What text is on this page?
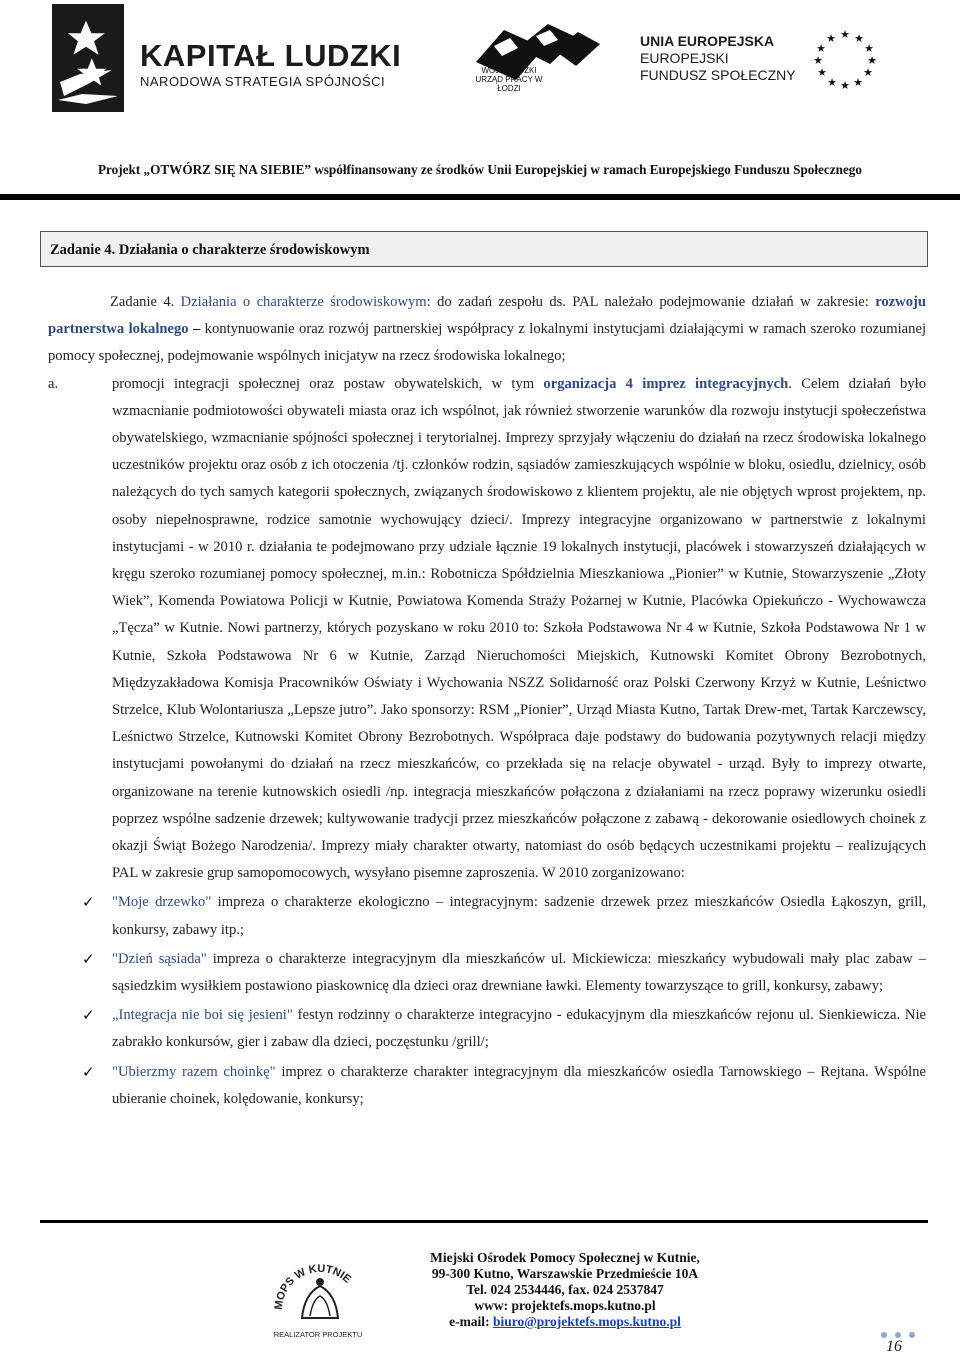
KAPITAŁ LUDZKI
NARODOWA STRATEGIA SPÓJNOŚCI
WOJEWÓDZKI URZĄD PRACY W ŁODZI
UNIA EUROPEJSKA
EUROPEJSKI
FUNDUSZ SPOŁECZNY
★ ★
★
★
★
★
★
★
★
★
★
★
Projekt „OTWÓRZ SIĘ NA SIEBIE” współfinansowany ze środków Unii Europejskiej w ramach Europejskiego Funduszu Społecznego
Zadanie 4. Działania o charakterze środowiskowym

Zadanie 4. Działania o charakterze środowiskowym: do zadań zespołu ds. PAL należało podejmowanie działań w zakresie: rozwoju partnerstwa lokalnego – kontynuowanie oraz rozwój partnerskiej współpracy z lokalnymi instytucjami działającymi w ramach szeroko rozumianej pomocy społecznej, podejmowanie wspólnych inicjatyw na rzecz środowiska lokalnego;

a.	promocji integracji społecznej oraz postaw obywatelskich, w tym organizacja 4 imprez integracyjnych. Celem działań było wzmacnianie podmiotowości obywateli miasta oraz ich wspólnot, jak również stworzenie warunków dla rozwoju instytucji społeczeństwa obywatelskiego, wzmacnianie spójności społecznej i terytorialnej. Imprezy sprzyjały włączeniu do działań na rzecz środowiska lokalnego uczestników projektu oraz osób z ich otoczenia /tj. członków rodzin, sąsiadów zamieszkujących wspólnie w bloku, osiedlu, dzielnicy, osób należących do tych samych kategorii społecznych, związanych środowiskowo z klientem projektu, ale nie objętych wprost projektem, np. osoby niepełnosprawne, rodzice samotnie wychowujący dzieci/. Imprezy integracyjne organizowano w partnerstwie z lokalnymi instytucjami - w 2010 r. działania te podejmowano przy udziale łącznie 19 lokalnych instytucji, placówek i stowarzyszeń działających w kręgu szeroko rozumianej pomocy społecznej, m.in.: Robotnicza Spółdzielnia Mieszkaniowa „Pionier” w Kutnie, Stowarzyszenie „Złoty Wiek”, Komenda Powiatowa Policji w Kutnie, Powiatowa Komenda Straży Pożarnej w Kutnie, Placówka Opiekuńczo - Wychowawcza „Tęcza” w Kutnie. Nowi partnerzy, których pozyskano w roku 2010 to: Szkoła Podstawowa Nr 4 w Kutnie, Szkoła Podstawowa Nr 1 w Kutnie, Szkoła Podstawowa Nr 6 w Kutnie, Zarząd Nieruchomości Miejskich, Kutnowski Komitet Obrony Bezrobotnych, Międzyzakładowa Komisja Pracowników Oświaty i Wychowania NSZZ Solidarność oraz Polski Czerwony Krzyż w Kutnie, Leśnictwo Strzelce, Klub Wolontariusza „Lepsze jutro”. Jako sponsorzy: RSM „Pionier”, Urząd Miasta Kutno, Tartak Drew-met, Tartak Karczewscy, Leśnictwo Strzelce, Kutnowski Komitet Obrony Bezrobotnych. Współpraca daje podstawy do budowania pozytywnych relacji między instytucjami powołanymi do działań na rzecz mieszkańców, co przekłada się na relacje obywatel - urząd. Były to imprezy otwarte, organizowane na terenie kutnowskich osiedli /np. integracja mieszkańców połączona z działaniami na rzecz poprawy wizerunku osiedli poprzez wspólne sadzenie drzewek; kultywowanie tradycji przez mieszkańców połączone z zabawą - dekorowanie osiedlowych choinek z okazji Świąt Bożego Narodzenia/. Imprezy miały charakter otwarty, natomiast do osób będących uczestnikami projektu – realizujących PAL w zakresie grup samopomocowych, wysyłano pisemne zaproszenia. W 2010 zorganizowano:

✓	"Moje drzewko" impreza o charakterze ekologiczno – integracyjnym: sadzenie drzewek przez mieszkańców Osiedla Łąkoszyn, grill, konkursy, zabawy itp.;

✓	"Dzień sąsiada" impreza o charakterze integracyjnym dla mieszkańców ul. Mickiewicza: mieszkańcy wybudowali mały plac zabaw – sąsiedzkim wysiłkiem postawiono piaskownicę dla dzieci oraz drewniane ławki. Elementy towarzyszące to grill, konkursy, zabawy;

✓	„Integracja nie boi się jesieni" festyn rodzinny o charakterze integracyjno - edukacyjnym dla mieszkańców rejonu ul. Sienkiewicza. Nie zabrakło konkursów, gier i zabaw dla dzieci, poczęstunku /grill/;

✓	"Ubierzmy razem choinkę" imprez o charakterze charakter integracyjnym dla mieszkańców osiedla Tarnowskiego – Rejtana. Wspólne ubieranie choinek, kolędowanie, konkursy;

MOPS W KUTNIE
REALIZATOR PROJEKTU
Miejski Ośrodek Pomocy Społecznej w Kutnie,
99-300 Kutno, Warszawskie Przedmieście 10A
Tel. 024 2534446, fax. 024 2537847
www: projektefs.mops.kutno.pl
e-mail: biuro@projektefs.mops.kutno.pl
16
